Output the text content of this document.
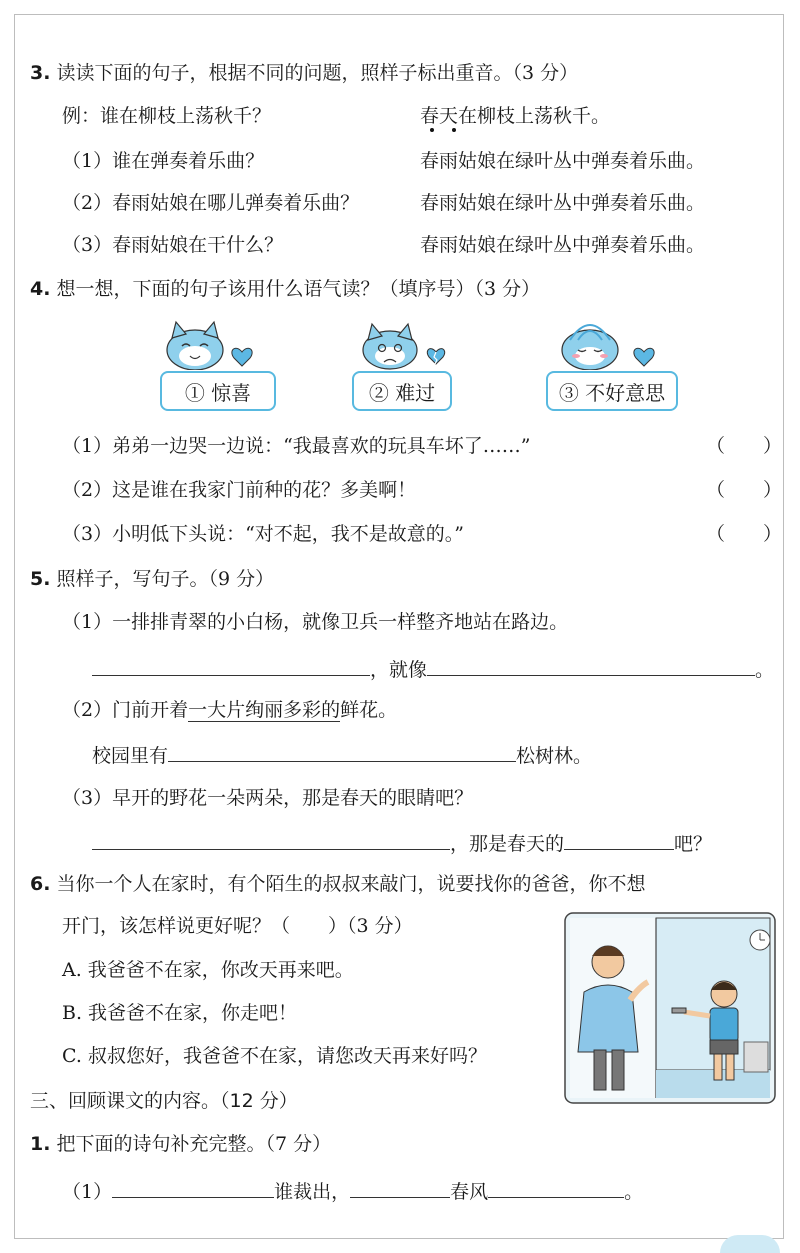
3. 读读下面的句子，根据不同的问题，照样子标出重音。（3 分）
例：谁在柳枝上荡秋千？	春天在柳枝上荡秋千。
（1）谁在弹奏着乐曲？	春雨姑娘在绿叶丛中弹奏着乐曲。
（2）春雨姑娘在哪儿弹奏着乐曲？	春雨姑娘在绿叶丛中弹奏着乐曲。
（3）春雨姑娘在干什么？	春雨姑娘在绿叶丛中弹奏着乐曲。
4. 想一想，下面的句子该用什么语气读？（填序号）（3 分）
① 惊喜	② 难过	③ 不好意思
（1）弟弟一边哭一边说：“我最喜欢的玩具车坏了……”	（　　）
（2）这是谁在我家门前种的花？多美啊！	（　　）
（3）小明低下头说：“对不起，我不是故意的。”	（　　）
5. 照样子，写句子。（9 分）
（1）一排排青翠的小白杨，就像卫兵一样整齐地站在路边。
，就像	。
（2）门前开着一大片绚丽多彩的鲜花。
校园里有	松树林。
（3）早开的野花一朵两朵，那是春天的眼睛吧？
，那是春天的	吧？
6. 当你一个人在家时，有个陌生的叔叔来敲门，说要找你的爸爸，你不想
开门，该怎样说更好呢？（　　）（3 分）
A. 我爸爸不在家，你改天再来吧。
B. 我爸爸不在家，你走吧！
C. 叔叔您好，我爸爸不在家，请您改天再来好吗？
三、回顾课文的内容。（12 分）
1. 把下面的诗句补充完整。（7 分）
（1）	谁裁出，	春风	。
